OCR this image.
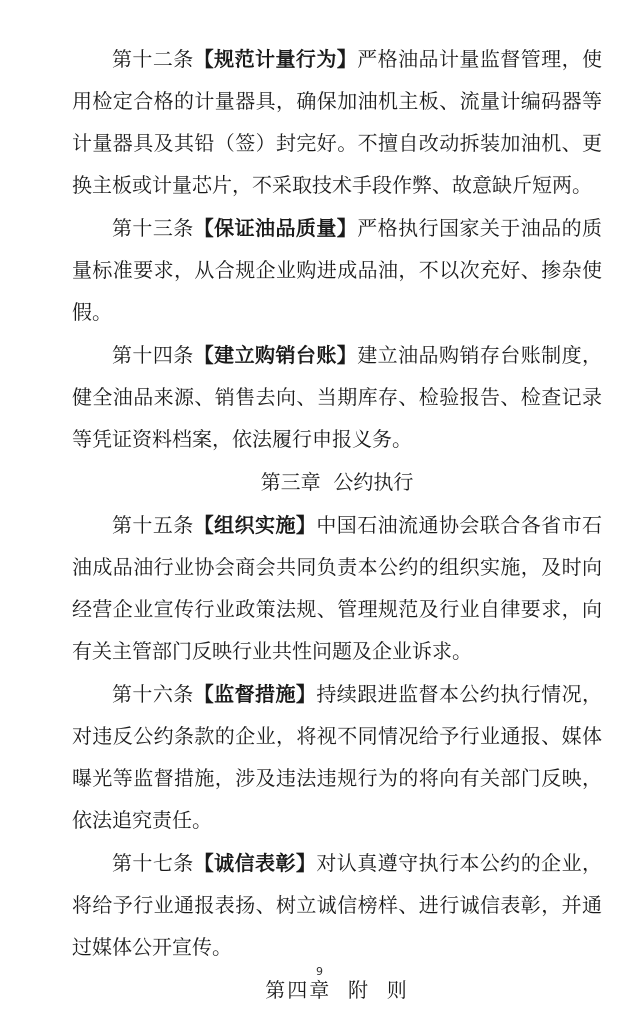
第十二条【规范计量行为】严格油品计量监督管理，使用检定合格的计量器具，确保加油机主板、流量计编码器等计量器具及其铅（签）封完好。不擅自改动拆装加油机、更换主板或计量芯片，不采取技术手段作弊、故意缺斤短两。

第十三条【保证油品质量】严格执行国家关于油品的质量标准要求，从合规企业购进成品油，不以次充好、掺杂使假。

第十四条【建立购销台账】建立油品购销存台账制度，健全油品来源、销售去向、当期库存、检验报告、检查记录等凭证资料档案，依法履行申报义务。

第三章  公约执行

第十五条【组织实施】中国石油流通协会联合各省市石油成品油行业协会商会共同负责本公约的组织实施，及时向经营企业宣传行业政策法规、管理规范及行业自律要求，向有关主管部门反映行业共性问题及企业诉求。

第十六条【监督措施】持续跟进监督本公约执行情况，对违反公约条款的企业，将视不同情况给予行业通报、媒体曝光等监督措施，涉及违法违规行为的将向有关部门反映，依法追究责任。

第十七条【诚信表彰】对认真遵守执行本公约的企业，将给予行业通报表扬、树立诚信榜样、进行诚信表彰，并通过媒体公开宣传。

第四章  附  则
9
